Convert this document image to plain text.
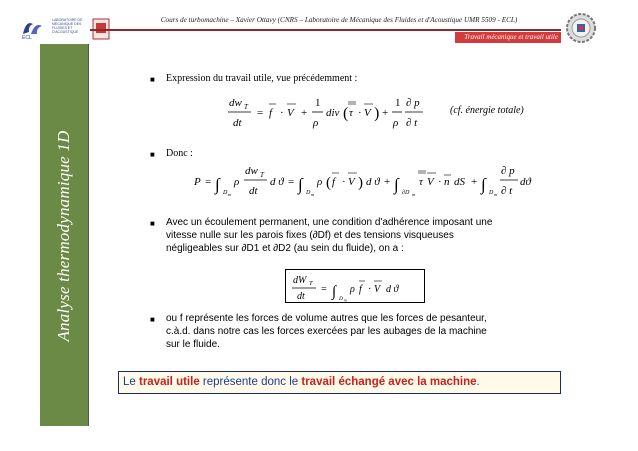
ECL
LABORATOIRE DE
MECANIQUE DES
FLUIDES ET
D'ACOUSTIQUE
Cours de turbomachine – Xavier Ottavy (CNRS – Laboratoire de Mécanique des Fluides et d'Acoustique UMR 5509 - ECL)
Travail mécanique et travail utile
Analyse thermodynamique 1D
■ Expression du travail utile, vue précédemment :
dw T
dt
= f · V +
1
ρ
div ( τ · V ) +
1
ρ
∂ p
∂ t
(cf. énergie totale)
■ Donc :
P = ∫ D m
ρ
dw T
dt
d ϑ = ∫ D m
ρ ( f · V ) d ϑ + ∫ ∂D m
τ V · n dS + ∫ D m
∂ p
∂ t
dϑ
■ Avec un écoulement permanent, une condition d'adhérence imposant une
vitesse nulle sur les parois fixes (∂Df) et des tensions visqueuses
négligeables sur ∂D1 et ∂D2 (au sein du fluide), on a :
dW T
dt
= ∫ D m
ρ f · V d ϑ
■ ou f représente les forces de volume autres que les forces de pesanteur,
c.à.d. dans notre cas les forces exercées par les aubages de la machine
sur le fluide.
Le travail utile représente donc le travail échangé avec la machine.
